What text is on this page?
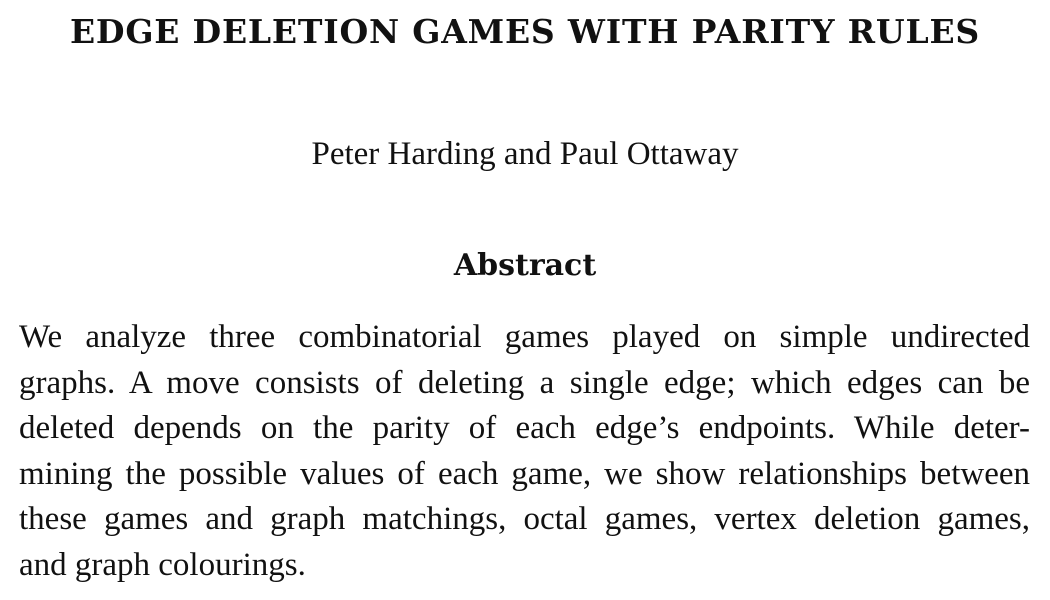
EDGE DELETION GAMES WITH PARITY RULES
Peter Harding and Paul Ottaway
Abstract
We analyze three combinatorial games played on simple undirected
graphs. A move consists of deleting a single edge; which edges can be
deleted depends on the parity of each edge’s endpoints. While deter-
mining the possible values of each game, we show relationships between
these games and graph matchings, octal games, vertex deletion games,
and graph colourings.
